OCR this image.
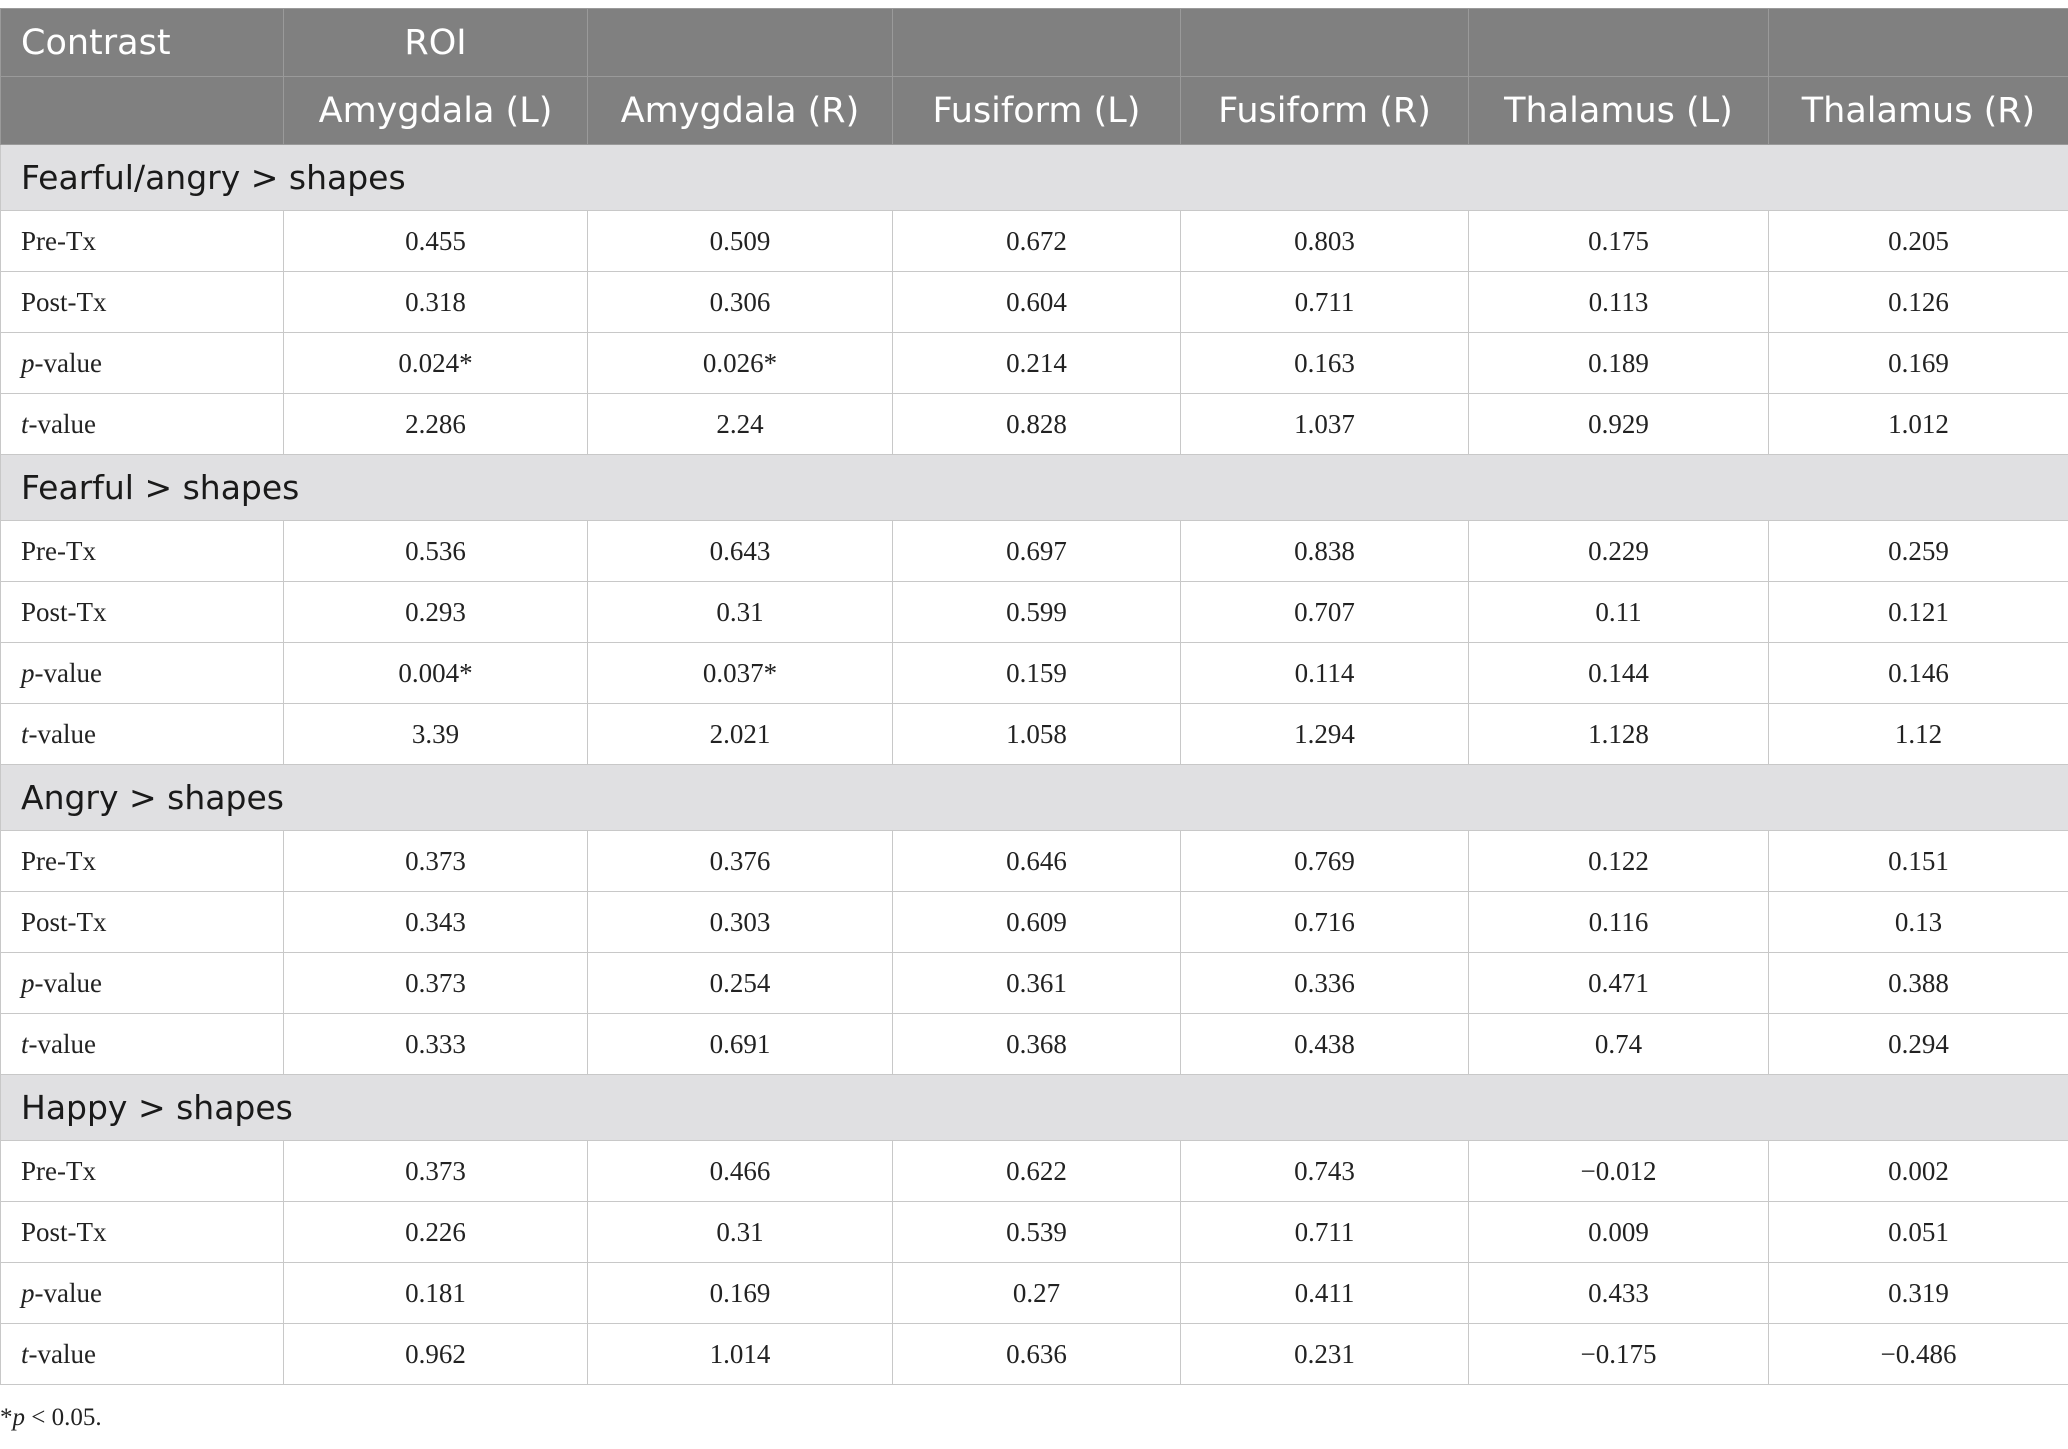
Contrast	ROI					
	Amygdala (L)	Amygdala (R)	Fusiform (L)	Fusiform (R)	Thalamus (L)	Thalamus (R)
Fearful/angry > shapes						
Pre-Tx	0.455	0.509	0.672	0.803	0.175	0.205
Post-Tx	0.318	0.306	0.604	0.711	0.113	0.126
p-value	0.024*	0.026*	0.214	0.163	0.189	0.169
t-value	2.286	2.24	0.828	1.037	0.929	1.012
Fearful > shapes						
Pre-Tx	0.536	0.643	0.697	0.838	0.229	0.259
Post-Tx	0.293	0.31	0.599	0.707	0.11	0.121
p-value	0.004*	0.037*	0.159	0.114	0.144	0.146
t-value	3.39	2.021	1.058	1.294	1.128	1.12
Angry > shapes						
Pre-Tx	0.373	0.376	0.646	0.769	0.122	0.151
Post-Tx	0.343	0.303	0.609	0.716	0.116	0.13
p-value	0.373	0.254	0.361	0.336	0.471	0.388
t-value	0.333	0.691	0.368	0.438	0.74	0.294
Happy > shapes						
Pre-Tx	0.373	0.466	0.622	0.743	−0.012	0.002
Post-Tx	0.226	0.31	0.539	0.711	0.009	0.051
p-value	0.181	0.169	0.27	0.411	0.433	0.319
t-value	0.962	1.014	0.636	0.231	−0.175	−0.486
*p < 0.05.
